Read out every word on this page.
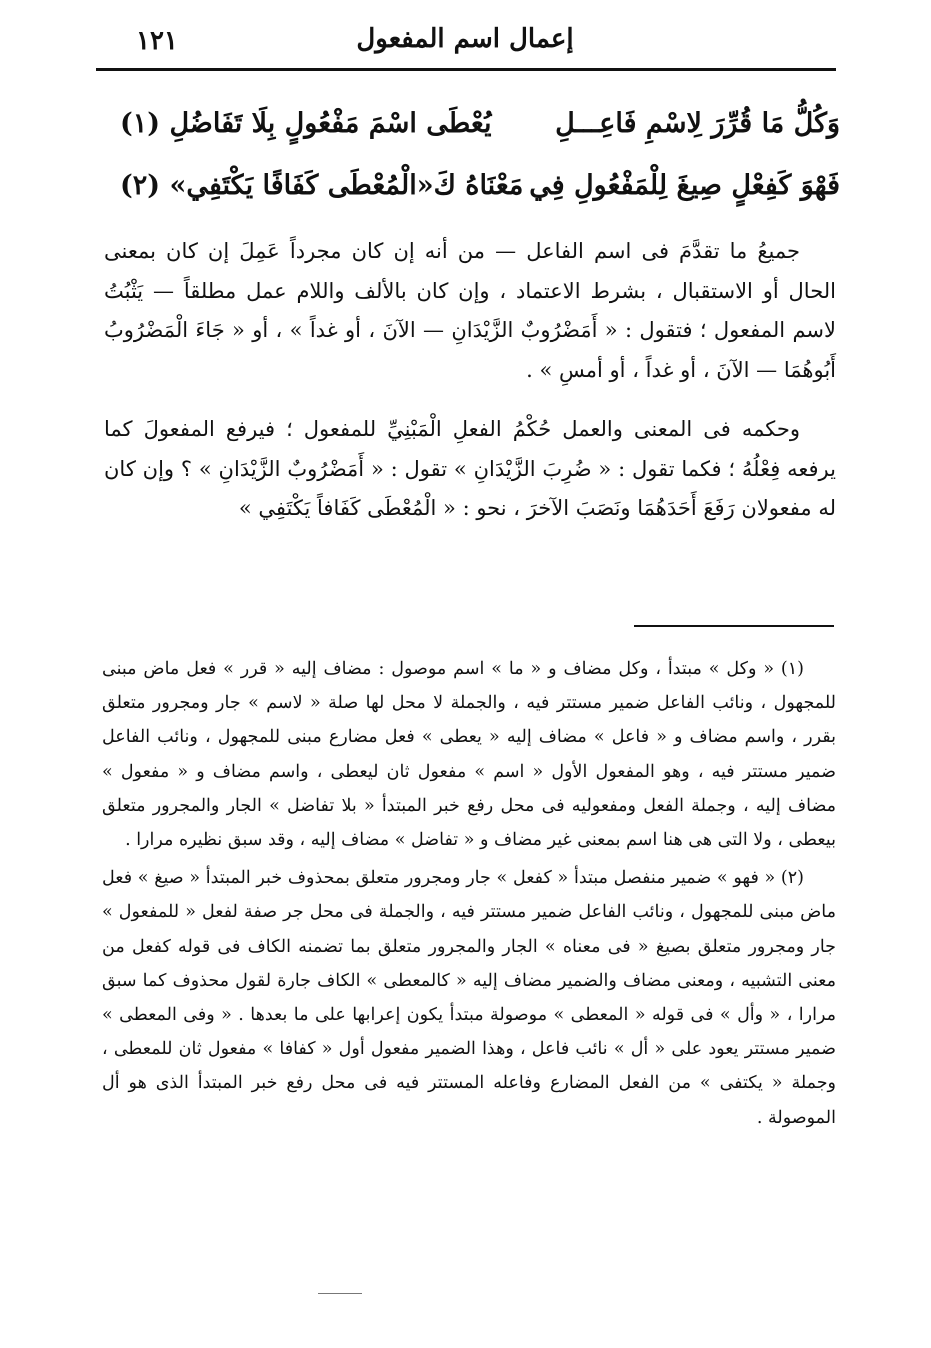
١٢١	إعمال اسم المفعول
وَكُلُّ مَا قُرِّرَ لِاسْمِ فَاعِـــلِ
يُعْطَى اسْمَ مَفْعُولٍ بِلَا تَفَاضُلِ (١)
فَهْوَ كَفِعْلٍ صِيغَ لِلْمَفْعُولِ فِي
مَعْنَاهُ كَ«الْمُعْطَى كَفَافًا يَكْتَفِي» (٢)

جميعُ ما تقدَّمَ فى اسم الفاعل — من أنه إن كان مجرداً عَمِلَ إن كان بمعنى الحال أو الاستقبال ، بشرط الاعتماد ، وإن كان بالألف واللام عمل مطلقاً — يَثْبُتُ لاسم المفعول ؛ فتقول : « أَمَضْرُوبٌ الزَّيْدَانِ — الآنَ ، أو غداً » ، أو « جَاءَ الْمَضْرُوبُ أَبُوهُمَا — الآنَ ، أو غداً ، أو أمسِ » .

وحكمه فى المعنى والعمل حُكْمُ الفعلِ الْمَبْنِيِّ للمفعول ؛ فيرفع المفعولَ كما يرفعه فِعْلُهُ ؛ فكما تقول : « ضُرِبَ الزَّيْدَانِ » تقول : « أَمَضْرُوبٌ الزَّيْدَانِ » ؟ وإن كان له مفعولان رَفَعَ أَحَدَهُمَا ونَصَبَ الآخرَ ، نحو : « الْمُعْطَى كَفَافاً يَكْتَفِي »

(١) « وكل » مبتدأ ، وكل مضاف و « ما » اسم موصول : مضاف إليه « قرر » فعل ماض مبنى للمجهول ، ونائب الفاعل ضمير مستتر فيه ، والجملة لا محل لها صلة « لاسم » جار ومجرور متعلق بقرر ، واسم مضاف و « فاعل » مضاف إليه « يعطى » فعل مضارع مبنى للمجهول ، ونائب الفاعل ضمير مستتر فيه ، وهو المفعول الأول « اسم » مفعول ثان ليعطى ، واسم مضاف و « مفعول » مضاف إليه ، وجملة الفعل ومفعوليه فى محل رفع خبر المبتدأ « بلا تفاضل » الجار والمجرور متعلق بيعطى ، ولا التى هى هنا اسم بمعنى غير مضاف و « تفاضل » مضاف إليه ، وقد سبق نظيره مرارا .

(٢) « فهو » ضمير منفصل مبتدأ « كفعل » جار ومجرور متعلق بمحذوف خبر المبتدأ « صيغ » فعل ماض مبنى للمجهول ، ونائب الفاعل ضمير مستتر فيه ، والجملة فى محل جر صفة لفعل « للمفعول » جار ومجرور متعلق بصيغ « فى معناه » الجار والمجرور متعلق بما تضمنه الكاف فى قوله كفعل من معنى التشبيه ، ومعنى مضاف والضمير مضاف إليه « كالمعطى » الكاف جارة لقول محذوف كما سبق مرارا ، « وأل » فى قوله « المعطى » موصولة مبتدأ يكون إعرابها على ما بعدها . « وفى المعطى » ضمير مستتر يعود على « أل » نائب فاعل ، وهذا الضمير مفعول أول « كفافا » مفعول ثان للمعطى ، وجملة « يكتفى » من الفعل المضارع وفاعله المستتر فيه فى محل رفع خبر المبتدأ الذى هو أل الموصولة .
